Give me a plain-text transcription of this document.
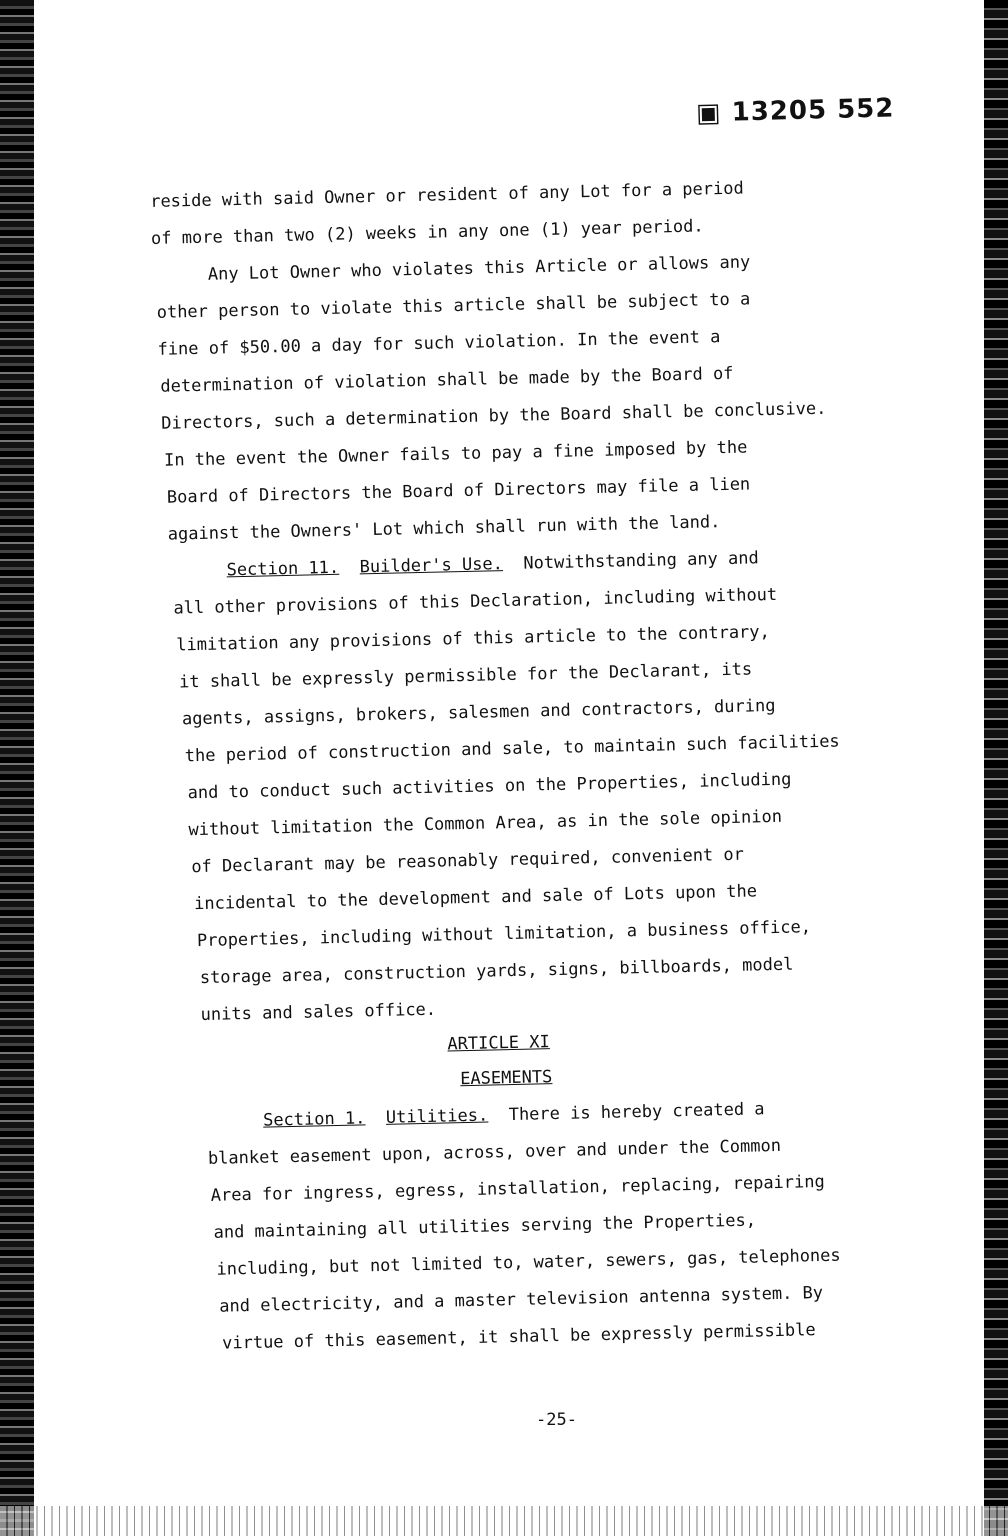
▣ 13205 552
reside with said Owner or resident of any Lot for a period
of more than two (2) weeks in any one (1) year period.
Any Lot Owner who violates this Article or allows any
other person to violate this article shall be subject to a
fine of $50.00 a day for such violation. In the event a
determination of violation shall be made by the Board of
Directors, such a determination by the Board shall be conclusive.
In the event the Owner fails to pay a fine imposed by the
Board of Directors the Board of Directors may file a lien
against the Owners' Lot which shall run with the land.
Section 11. Builder's Use. Notwithstanding any and
all other provisions of this Declaration, including without
limitation any provisions of this article to the contrary,
it shall be expressly permissible for the Declarant, its
agents, assigns, brokers, salesmen and contractors, during
the period of construction and sale, to maintain such facilities
and to conduct such activities on the Properties, including
without limitation the Common Area, as in the sole opinion
of Declarant may be reasonably required, convenient or
incidental to the development and sale of Lots upon the
Properties, including without limitation, a business office,
storage area, construction yards, signs, billboards, model
units and sales office.
ARTICLE XI
EASEMENTS
Section 1. Utilities. There is hereby created a
blanket easement upon, across, over and under the Common
Area for ingress, egress, installation, replacing, repairing
and maintaining all utilities serving the Properties,
including, but not limited to, water, sewers, gas, telephones
and electricity, and a master television antenna system. By
virtue of this easement, it shall be expressly permissible
-25-
